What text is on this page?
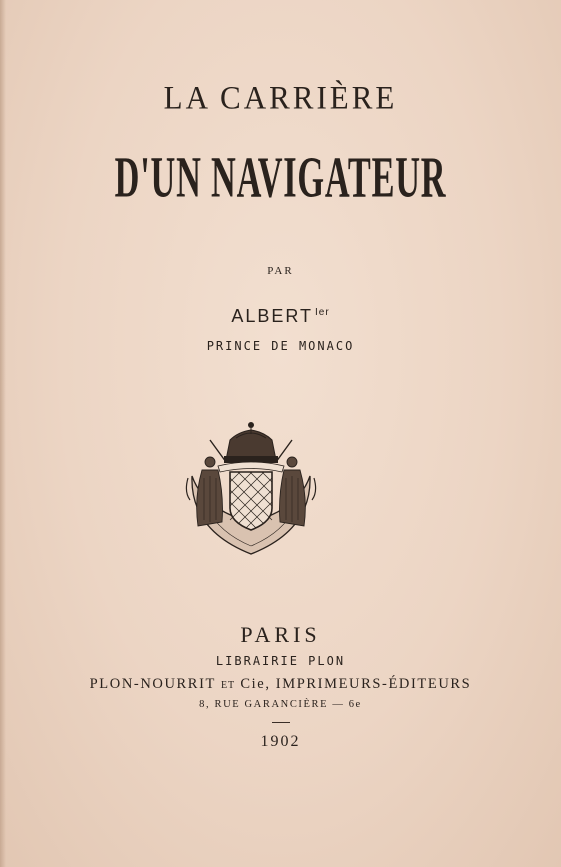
LA CARRIÈRE
D'UN NAVIGATEUR
PAR
ALBERT $^{Ier}$
PRINCE DE MONACO
PARIS
LIBRAIRIE PLON
PLON-NOURRIT ET Cie, IMPRIMEURS-ÉDITEURS
8, RUE GARANCIÈRE — 6e
1902
